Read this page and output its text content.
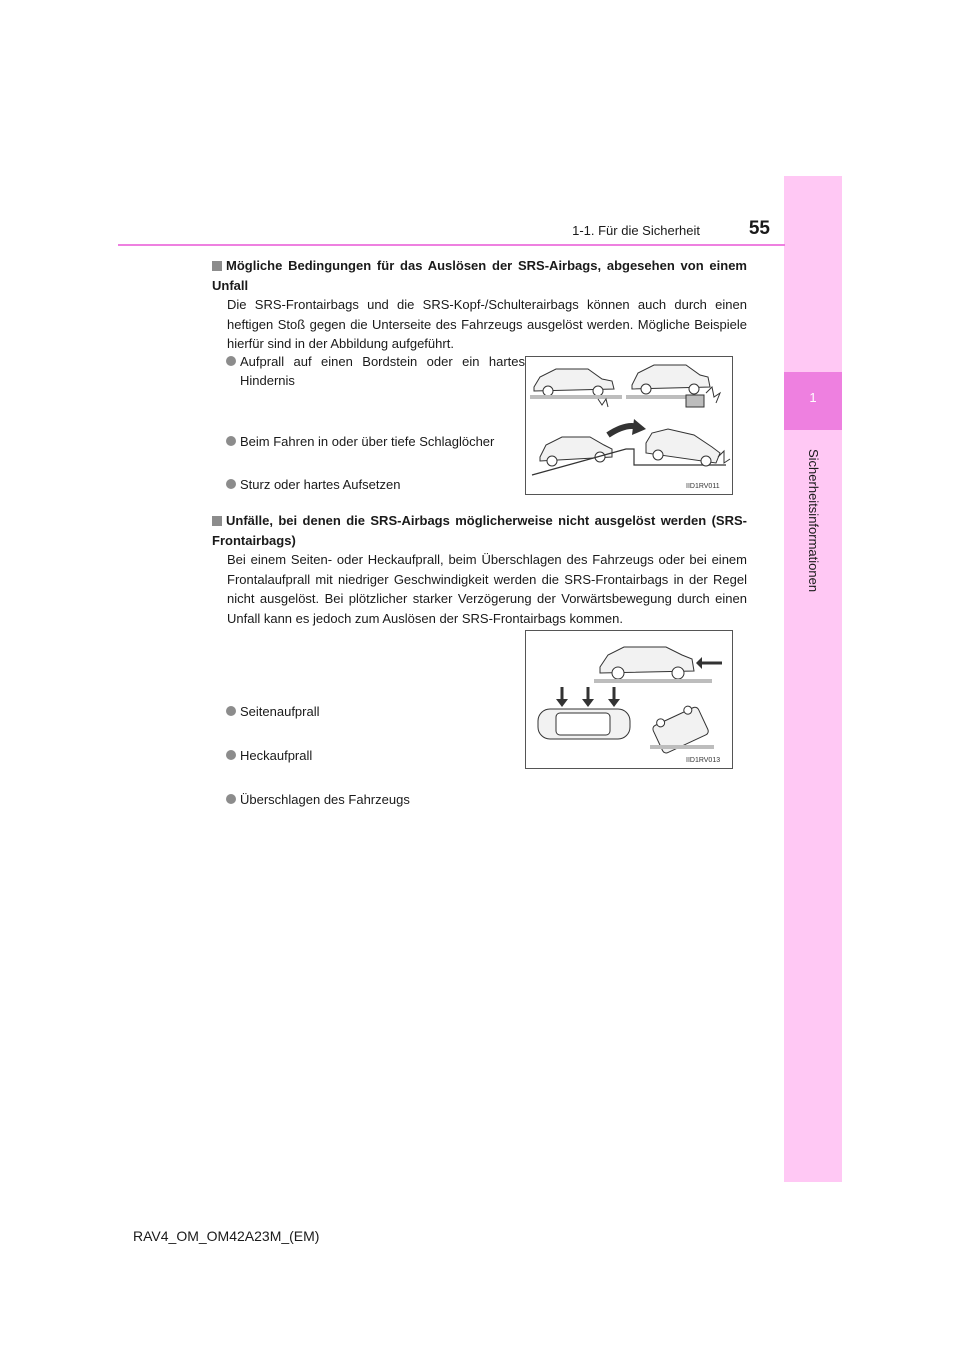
1
Sicherheitsinformationen
1-1. Für die Sicherheit	55
Mögliche Bedingungen für das Auslösen der SRS-Airbags, abgesehen von einem Unfall
Die SRS-Frontairbags und die SRS-Kopf-/Schulterairbags können auch durch einen heftigen Stoß gegen die Unterseite des Fahrzeugs ausgelöst werden. Mögliche Beispiele hierfür sind in der Abbildung aufgeführt.
Aufprall auf einen Bordstein oder ein hartes Hindernis
Beim Fahren in oder über tiefe Schlaglöcher
Sturz oder hartes Aufsetzen	IID1RV011
Unfälle, bei denen die SRS-Airbags möglicherweise nicht ausgelöst werden (SRS-Frontairbags)
Bei einem Seiten- oder Heckaufprall, beim Überschlagen des Fahrzeugs oder bei einem Frontalaufprall mit niedriger Geschwindigkeit werden die SRS-Frontairbags in der Regel nicht ausgelöst. Bei plötzlicher starker Verzögerung der Vorwärtsbewegung durch einen Unfall kann es jedoch zum Auslösen der SRS-Frontairbags kommen.
Seitenaufprall
Heckaufprall
Überschlagen des Fahrzeugs
IID1RV013
RAV4_OM_OM42A23M_(EM)
